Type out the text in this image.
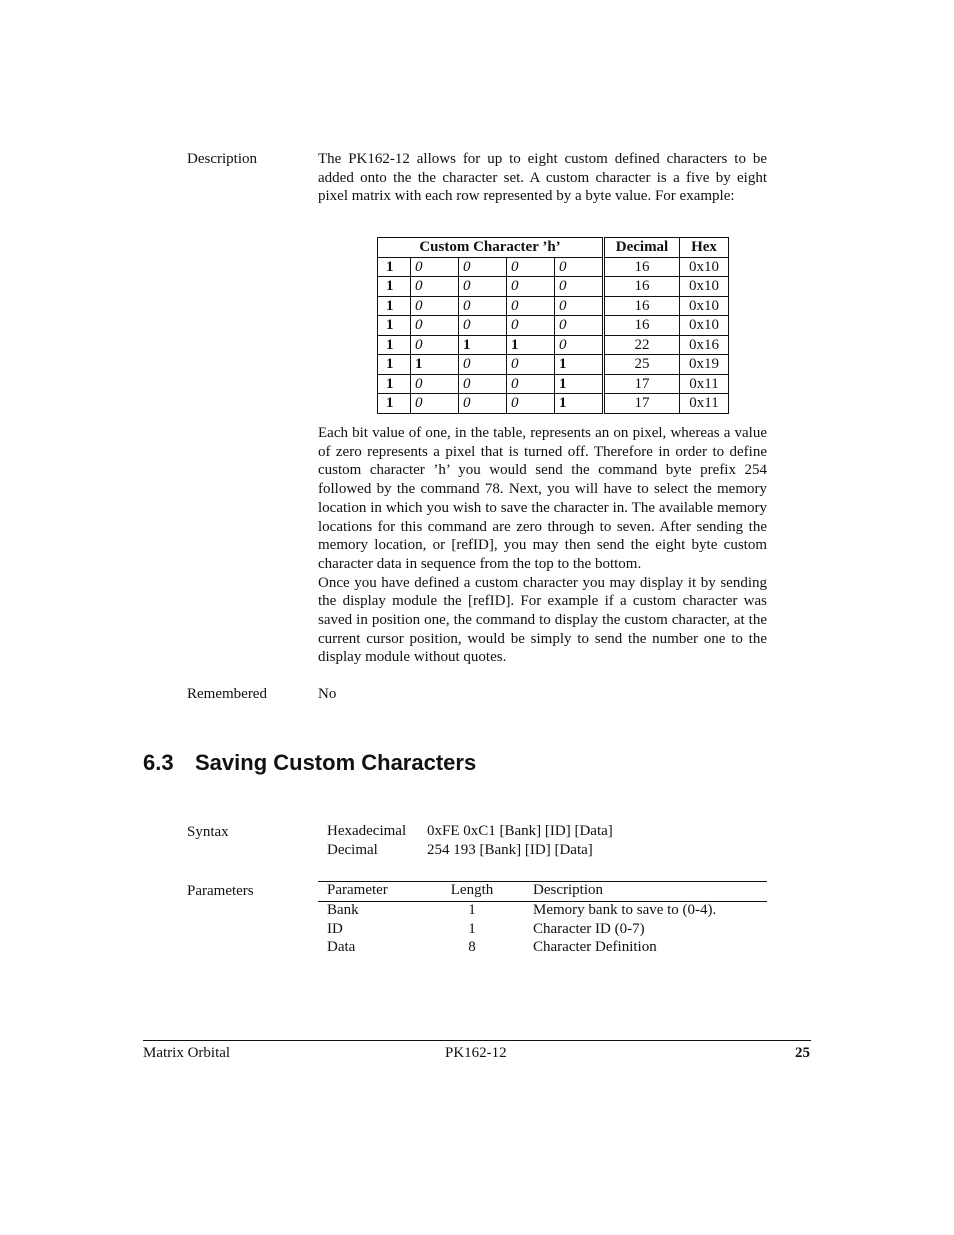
Description	The PK162-12 allows for up to eight custom defined characters to be added onto the the character set. A custom character is a five by eight pixel matrix with each row represented by a byte value. For example:
Custom Character ’h’					Decimal	Hex
1	0	0	0	0	16	0x10
1	0	0	0	0	16	0x10
1	0	0	0	0	16	0x10
1	0	0	0	0	16	0x10
1	0	1	1	0	22	0x16
1	1	0	0	1	25	0x19
1	0	0	0	1	17	0x11
1	0	0	0	1	17	0x11

Each bit value of one, in the table, represents an on pixel, whereas a value of zero represents a pixel that is turned off. Therefore in order to define custom character ’h’ you would send the command byte prefix 254 followed by the command 78. Next, you will have to select the memory location in which you wish to save the character in. The available memory locations for this command are zero through to seven. After sending the memory location, or [refID], you may then send the eight byte custom character data in sequence from the top to the bottom.

Once you have defined a custom character you may display it by sending the display module the [refID]. For example if a custom character was saved in position one, the command to display the custom character, at the current cursor position, would be simply to send the number one to the display module without quotes.

Remembered	No
6.3 Saving Custom Characters
Syntax	Hexadecimal 0xFE 0xC1 [Bank] [ID] [Data]
Decimal	254 193 [Bank] [ID] [Data]
Parameters	Parameter	Length	Description
Bank	1	Memory bank to save to (0-4).
ID	1	Character ID (0-7)
Data	8	Character Definition
Matrix Orbital	PK162-12	25
